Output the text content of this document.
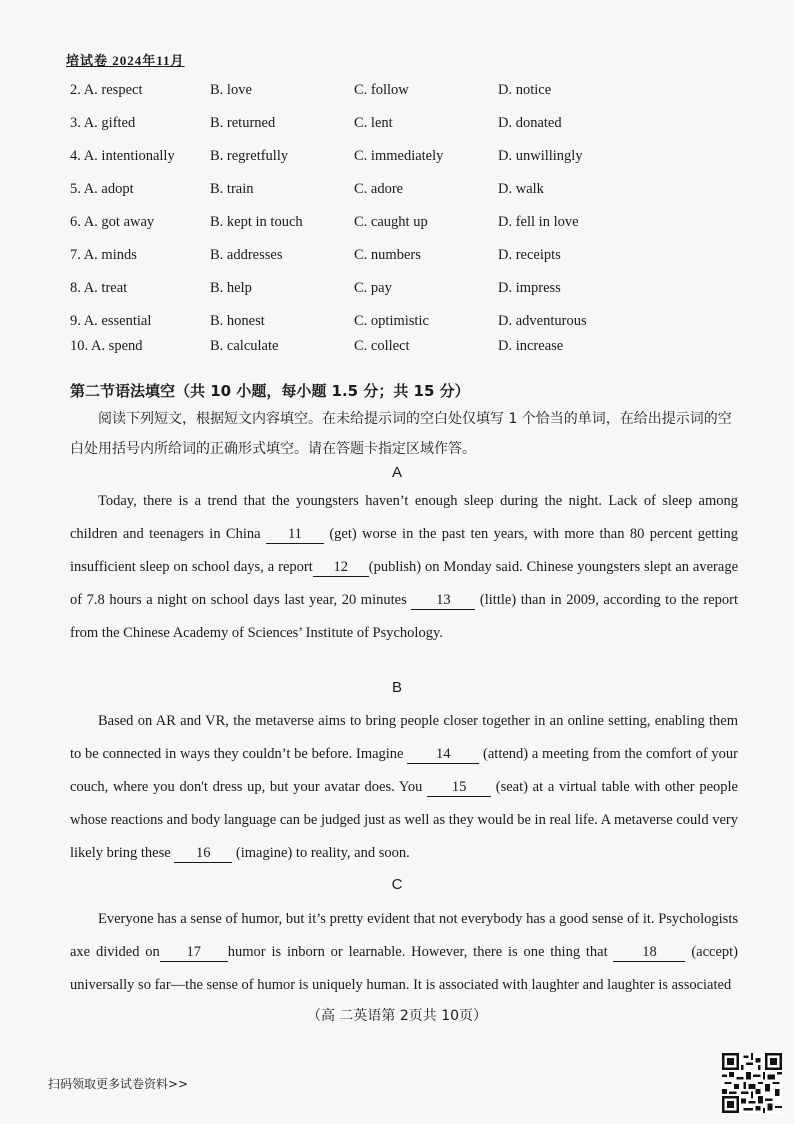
培试卷 2024年11月
2. A. respect	B. love	C. follow	D. notice
3. A. gifted	B. returned	C. lent	D. donated
4. A. intentionally B. regretfully	C. immediately	D. unwillingly
5. A. adopt	B. train	C. adore	D. walk
6. A. got away	B. kept in touch	C. caught up	D. fell in love
7. A. minds	B. addresses	C. numbers	D. receipts
8. A. treat	B. help	C. pay	D. impress
9. A. essential	B. honest	C. optimistic	D. adventurous
10. A. spend	B. calculate	C. collect	D. increase
第二节语法填空（共 10 小题，每小题 1.5 分；共 15 分）
阅读下列短文，根据短文内容填空。在未给提示词的空白处仅填写 1 个恰当的单词，在给出提示词的空白处用括号内所给词的正确形式填空。请在答题卡指定区域作答。
A
Today, there is a trend that the youngsters haven’t enough sleep during the night. Lack of sleep among children and teenagers in China 11 (get) worse in the past ten years, with more than 80 percent getting insufficient sleep on school days, a report 12 (publish) on Monday said. Chinese youngsters slept an average of 7.8 hours a night on school days last year, 20 minutes 13 (little) than in 2009, according to the report from the Chinese Academy of Sciences’ Institute of Psychology.
B
Based on AR and VR, the metaverse aims to bring people closer together in an online setting, enabling them to be connected in ways they couldn’t be before. Imagine 14 (attend) a meeting from the comfort of your couch, where you don't dress up, but your avatar does. You 15 (seat) at a virtual table with other people whose reactions and body language can be judged just as well as they would be in real life. A metaverse could very likely bring these 16 (imagine) to reality, and soon.
C
Everyone has a sense of humor, but it’s pretty evident that not everybody has a good sense of it. Psychologists axe divided on 17 humor is inborn or learnable. However, there is one thing that 18 (accept) universally so far—the sense of humor is uniquely human. It is associated with laughter and laughter is associated
（高 二英语第 2页共 10页）
扫码领取更多试卷资料>>
